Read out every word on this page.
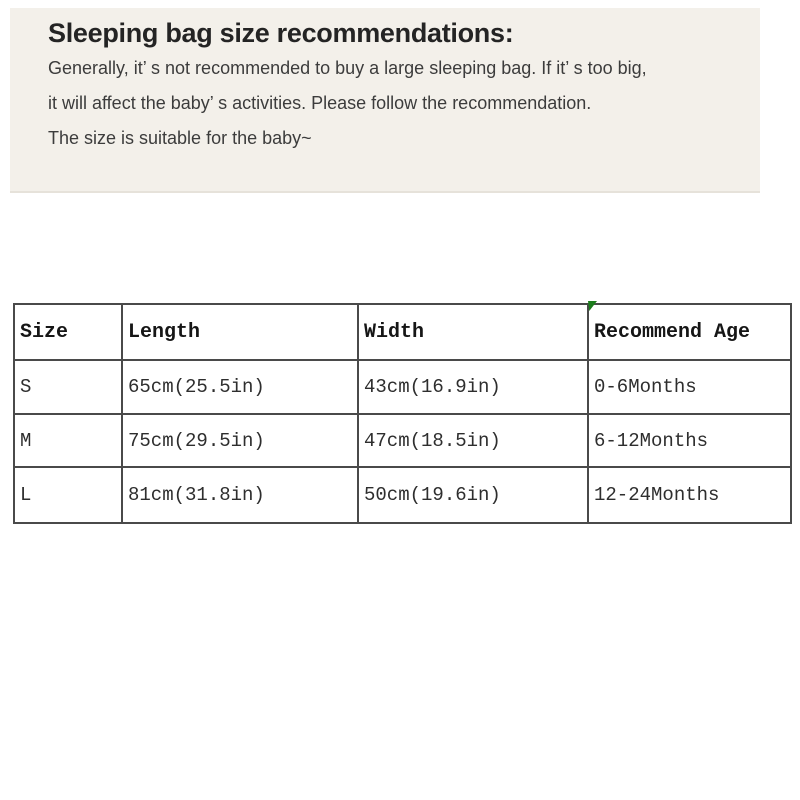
Sleeping bag size recommendations:

Generally, it’ s not recommended to buy a large sleeping bag. If it’ s too big,

it will affect the baby’ s activities. Please follow the recommendation.

The size is suitable for the baby~

Size	Length	Width	Recommend Age
S	65cm(25.5in)	43cm(16.9in)	0-6Months
M	75cm(29.5in)	47cm(18.5in)	6-12Months
L	81cm(31.8in)	50cm(19.6in)	12-24Months
